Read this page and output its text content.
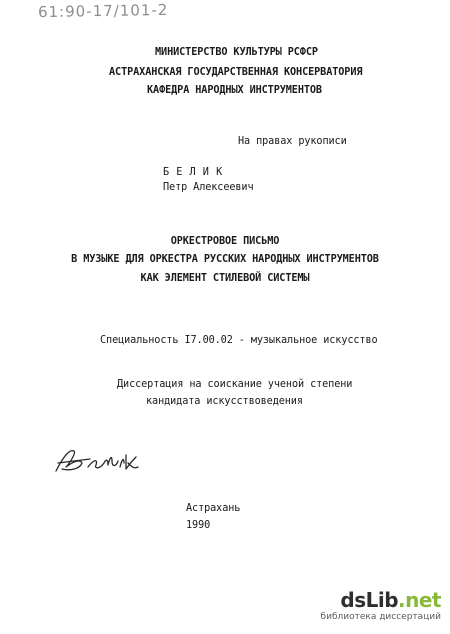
61:90-17/101-2
МИНИСТЕРСТВО КУЛЬТУРЫ РСФСР
АСТРАХАНСКАЯ ГОСУДАРСТВЕННАЯ КОНСЕРВАТОРИЯ
КАФЕДРА НАРОДНЫХ ИНСТРУМЕНТОВ
На правах рукописи
Б Е Л И К
Петр Алексеевич
ОРКЕСТРОВОЕ ПИСЬМО
В МУЗЫКЕ ДЛЯ ОРКЕСТРА РУССКИХ НАРОДНЫХ ИНСТРУМЕНТОВ
КАК ЭЛЕМЕНТ СТИЛЕВОЙ СИСТЕМЫ
Специальность I7.00.02 - музыкальное искусство
Диссертация на соискание ученой степени
кандидата искусствоведения
Астрахань
1990
dsLib.net
библиотека диссертаций
